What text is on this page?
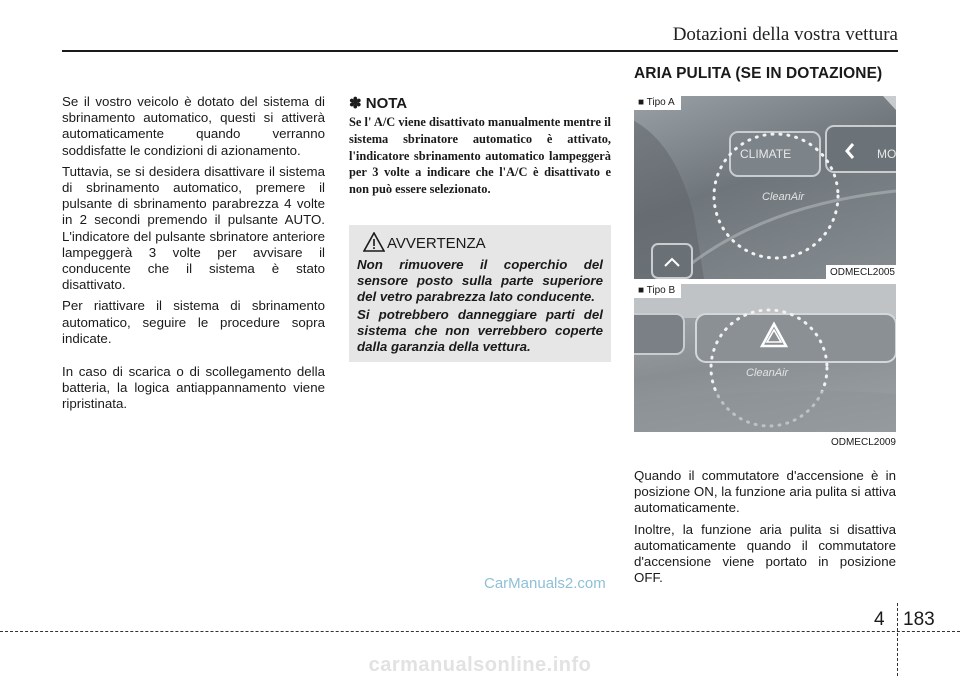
Dotazioni della vostra vettura

Se il vostro veicolo è dotato del sistema di sbrinamento automatico, questi si attiverà automaticamente quando verranno soddisfatte le condizioni di azionamento.

Tuttavia, se si desidera disattivare il sistema di sbrinamento automatico, premere il pulsante di sbrinamento parabrezza 4 volte in 2 secondi premendo il pulsante AUTO. L'indicatore del pulsante sbrinatore anteriore lampeggerà 3 volte per avvisare il conducente che il sistema è stato disattivato.

Per riattivare il sistema di sbrinamento automatico, seguire le procedure sopra indicate.

In caso di scarica o di scollegamento della batteria, la logica antiappannamento viene ripristinata.

✽ NOTA

Se l' A/C viene disattivato manualmente mentre il sistema sbrinatore automatico è attivato, l'indicatore sbrinamento automatico lampeggerà per 3 volte a indicare che l'A/C è disattivato e non può essere selezionato.

AVVERTENZA

Non rimuovere il coperchio del sensore posto sulla parte superiore del vetro parabrezza lato conducente.

Si potrebbero danneggiare parti del sistema che non verrebbero coperte dalla garanzia della vettura.

ARIA PULITA (SE IN DOTAZIONE)
CLIMATE	MO
CleanAir
■ Tipo A
ODMECL2005
CleanAir
■ Tipo B
ODMECL2009

Quando il commutatore d'accensione è in posizione ON, la funzione aria pulita si attiva automaticamente.

Inoltre, la funzione aria pulita si disattiva automaticamente quando il commutatore d'accensione viene portato in posizione OFF.

CarManuals2.com
4 183
carmanualsonline.info
